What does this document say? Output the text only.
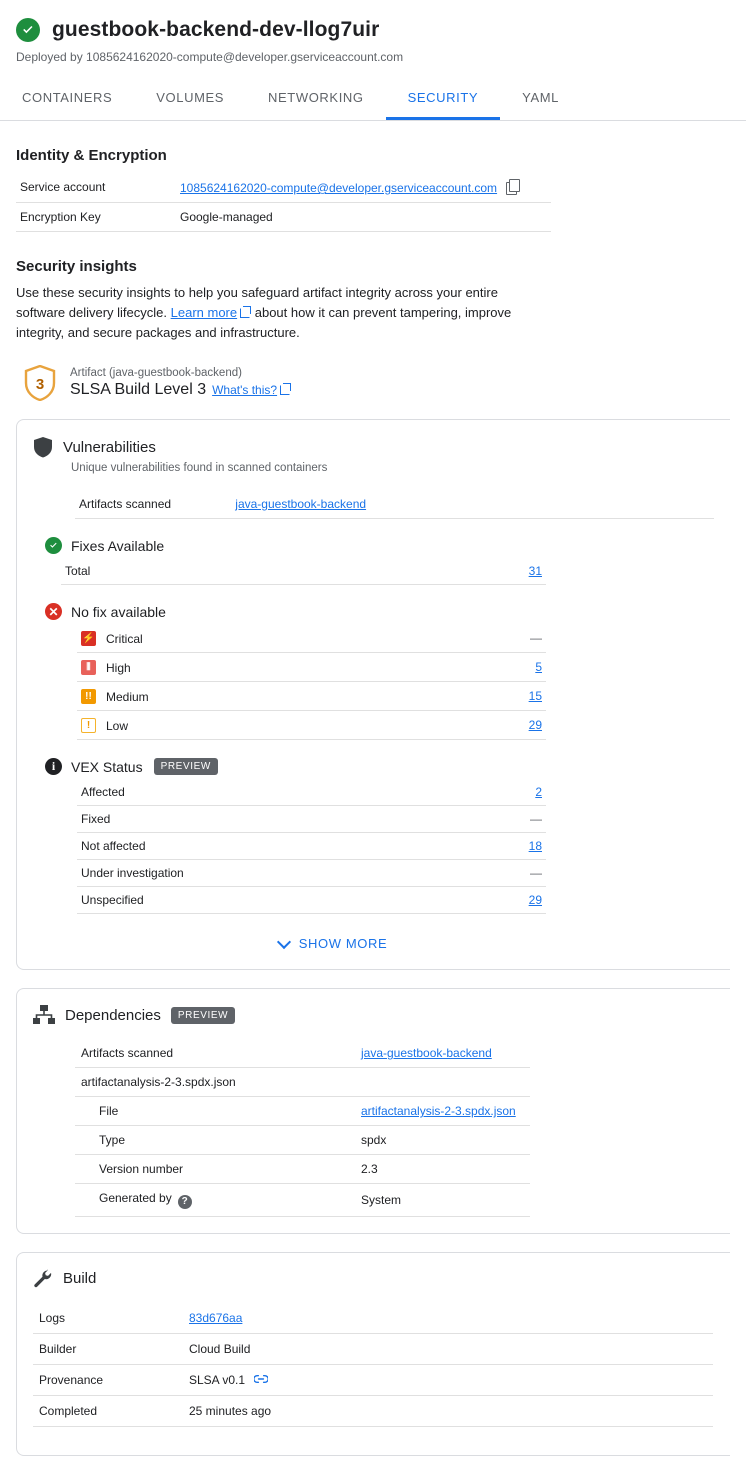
guestbook-backend-dev-llog7uir
Deployed by 1085624162020-compute@developer.gserviceaccount.com
CONTAINERS	VOLUMES	NETWORKING	SECURITY	YAML
Identity & Encryption
Service account	1085624162020-compute@developer.gserviceaccount.com
Encryption Key	Google-managed
Security insights
Use these security insights to help you safeguard artifact integrity across your entire software delivery lifecycle. Learn more about how it can prevent tampering, improve integrity, and secure packages and infrastructure.
3
Artifact (java-guestbook-backend)
SLSA Build Level 3 What's this?
Vulnerabilities
Unique vulnerabilities found in scanned containers
Artifacts scanned	java-guestbook-backend
Fixes Available
Total	31
✕ No fix available
⚡ Critical	—

⦀ High	5

!! Medium	15

! Low	29
i	VEX Status	PREVIEW
Affected	2
Fixed	—
Not affected	18
Under investigation	—
Unspecified	29
SHOW MORE
Dependencies	PREVIEW
Artifacts scanned	java-guestbook-backend
artifactanalysis-2-3.spdx.json	
File	artifactanalysis-2-3.spdx.json
Type	spdx
Version number	2.3
Generated by ?	System
Build
Logs	83d676aa
Builder	Cloud Build
Provenance	SLSA v0.1

Completed	25 minutes ago
